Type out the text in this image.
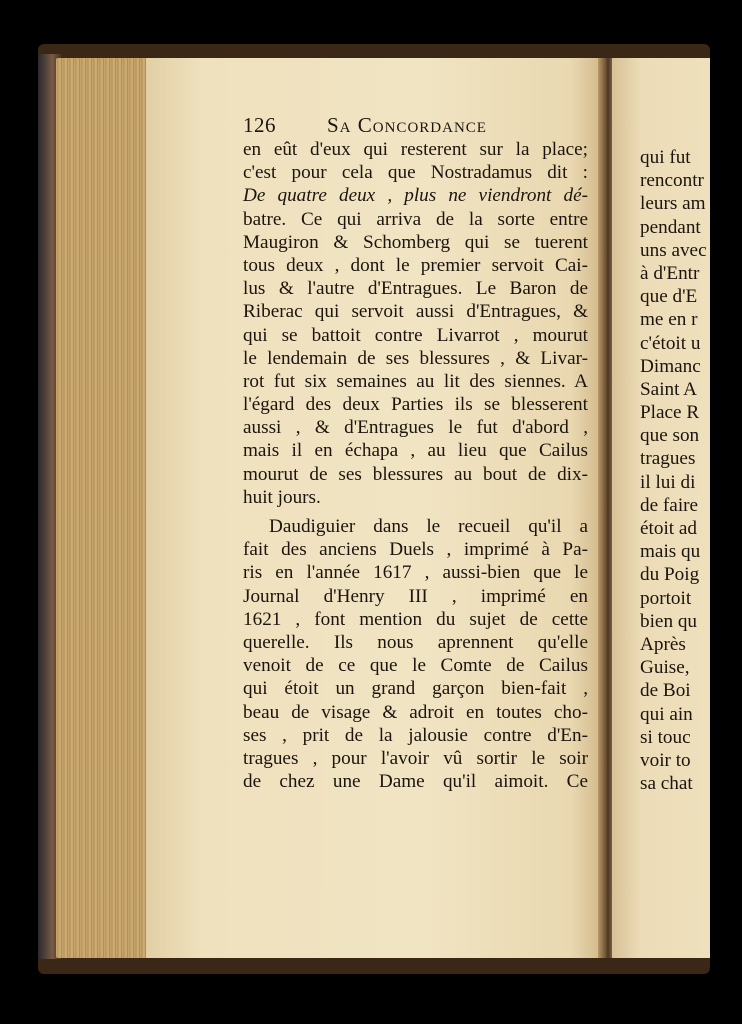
126 Sa Concordance
en eût d'eux qui resterent sur la place;
c'est pour cela que Nostradamus dit :
De quatre deux , plus ne viendront dé-
batre. Ce qui arriva de la sorte entre
Maugiron & Schomberg qui se tuerent
tous deux , dont le premier servoit Cai-
lus & l'autre d'Entragues. Le Baron de
Riberac qui servoit aussi d'Entragues, &
qui se battoit contre Livarrot , mourut
le lendemain de ses blessures , & Livar-
rot fut six semaines au lit des siennes. A
l'égard des deux Parties ils se blesserent
aussi , & d'Entragues le fut d'abord ,
mais il en échapa , au lieu que Cailus
mourut de ses blessures au bout de dix-
huit jours.
Daudiguier dans le recueil qu'il a
fait des anciens Duels , imprimé à Pa-
ris en l'année 1617 , aussi-bien que le
Journal d'Henry III , imprimé en
1621 , font mention du sujet de cette
querelle. Ils nous aprennent qu'elle
venoit de ce que le Comte de Cailus
qui étoit un grand garçon bien-fait ,
beau de visage & adroit en toutes cho-
ses , prit de la jalousie contre d'En-
tragues , pour l'avoir vû sortir le soir
de chez une Dame qu'il aimoit. Ce
qui fut
rencontr
leurs am
pendant
uns avec
à d'Entr
que d'E
me en r
c'étoit u
Dimanc
Saint A
Place R
que son
tragues
il lui di
de faire
étoit ad
mais qu
du Poig
portoit
bien qu
Après
Guise,
de Boi
qui ain
si touc
voir to
sa chat
